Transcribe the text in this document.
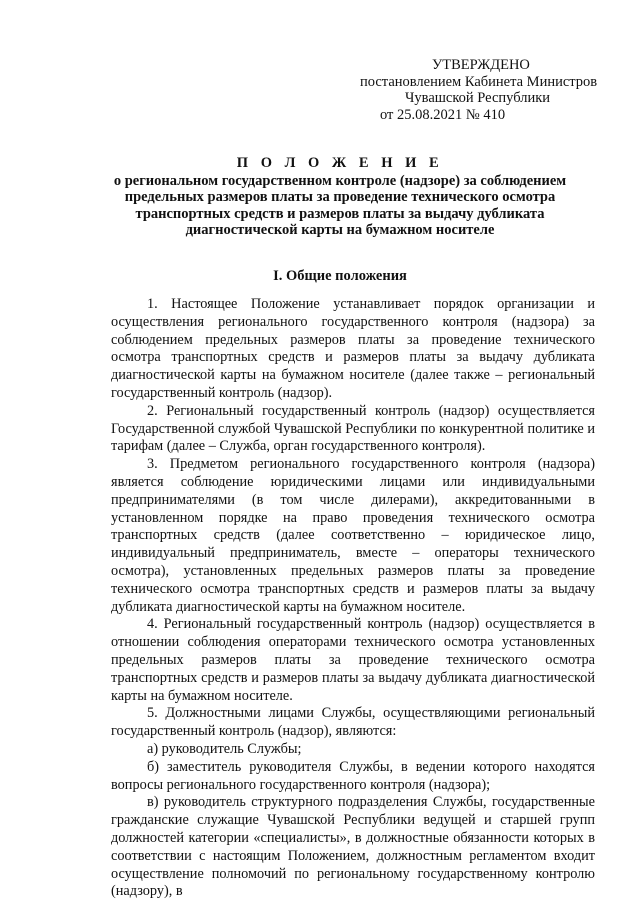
УТВЕРЖДЕНО
постановлением Кабинета Министров
Чувашской Республики
от 25.08.2021 № 410
П О Л О Ж Е Н И Е
о региональном государственном контроле (надзоре) за соблюдением предельных размеров платы за проведение технического осмотра транспортных средств и размеров платы за выдачу дубликата диагностической карты на бумажном носителе
I. Общие положения

1. Настоящее Положение устанавливает порядок организации и осуществления регионального государственного контроля (надзора) за соблюдением предельных размеров платы за проведение технического осмотра транспортных средств и размеров платы за выдачу дубликата диагностической карты на бумажном носителе (далее также – региональный государственный контроль (надзор).

2. Региональный государственный контроль (надзор) осуществляется Государственной службой Чувашской Республики по конкурентной политике и тарифам (далее – Служба, орган государственного контроля).

3. Предметом регионального государственного контроля (надзора) является соблюдение юридическими лицами или индивидуальными предпринимателями (в том числе дилерами), аккредитованными в установленном порядке на право проведения технического осмотра транспортных средств (далее соответственно – юридическое лицо, индивидуальный предприниматель, вместе – операторы технического осмотра), установленных предельных размеров платы за проведение технического осмотра транспортных средств и размеров платы за выдачу дубликата диагностической карты на бумажном носителе.

4. Региональный государственный контроль (надзор) осуществляется в отношении соблюдения операторами технического осмотра установленных предельных размеров платы за проведение технического осмотра транспортных средств и размеров платы за выдачу дубликата диагностической карты на бумажном носителе.

5. Должностными лицами Службы, осуществляющими региональный государственный контроль (надзор), являются:

а) руководитель Службы;

б) заместитель руководителя Службы, в ведении которого находятся вопросы регионального государственного контроля (надзора);

в) руководитель структурного подразделения Службы, государственные гражданские служащие Чувашской Республики ведущей и старшей групп должностей категории «специалисты», в должностные обязанности которых в соответствии с настоящим Положением, должностным регламентом входит осуществление полномочий по региональному государственному контролю (надзору), в
